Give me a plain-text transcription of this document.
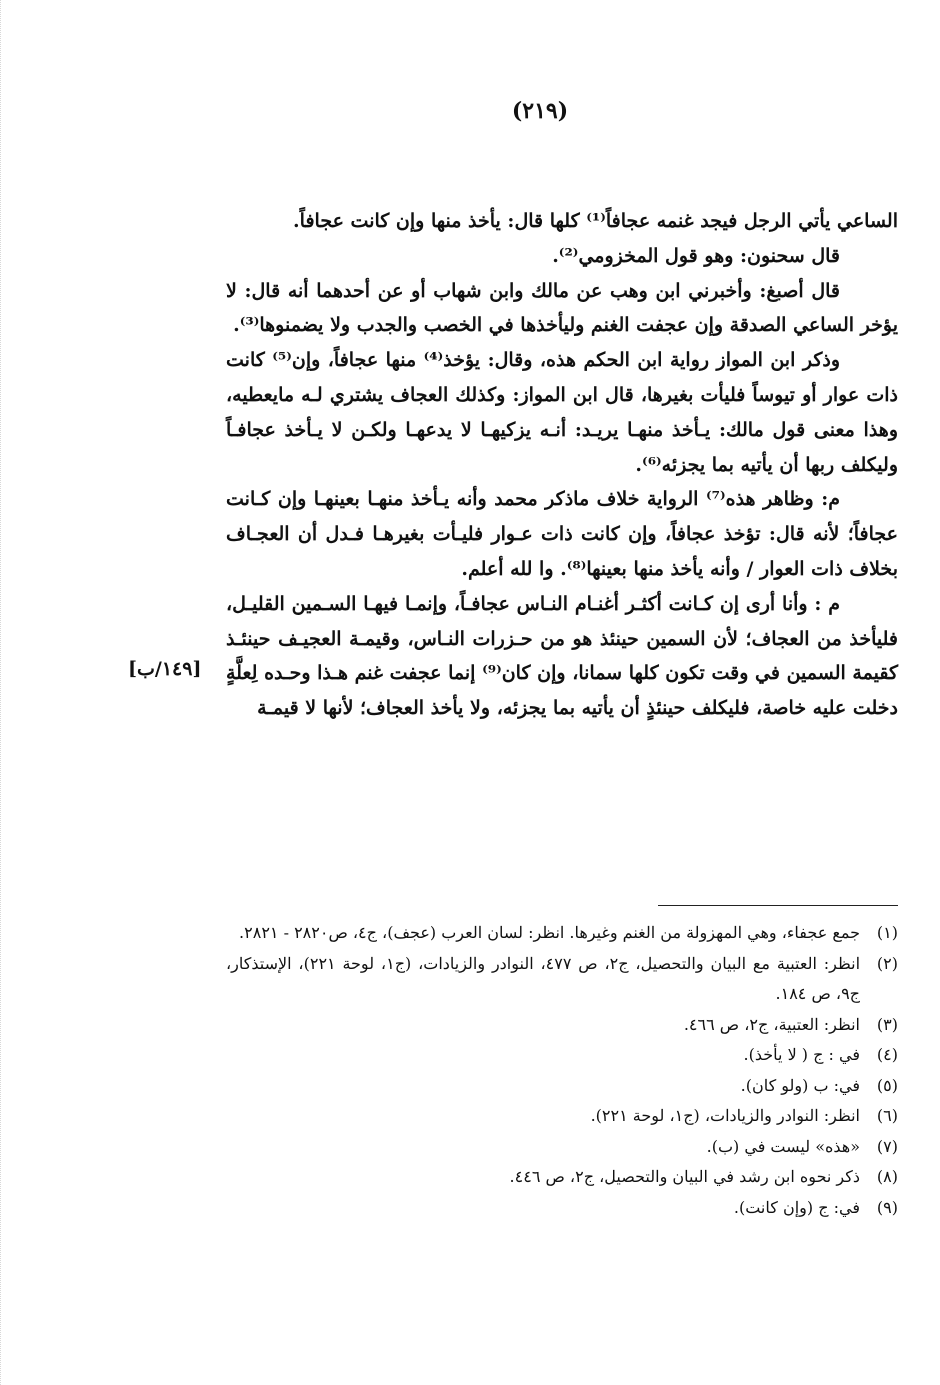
(٢١٩)

الساعي يأتي الرجل فيجد غنمه عجافاً⁽¹⁾ كلها قال: يأخذ منها وإن كانت عجافاً.

قال سحنون: وهو قول المخزومي⁽²⁾.

قال أصبغ: وأخبرني ابن وهب عن مالك وابن شهاب أو عن أحدهما أنه قال: لا يؤخر الساعي الصدقة وإن عجفت الغنم وليأخذها في الخصب والجدب ولا يضمنوها⁽³⁾.

وذكر ابن المواز رواية ابن الحكم هذه، وقال: يؤخذ⁽⁴⁾ منها عجافاً، وإن⁽⁵⁾ كانت ذات عوار أو تيوساً فليأت بغيرها، قال ابن المواز: وكذلك العجاف يشتري لـه مايعطيه، وهذا معنى قول مالك: يـأخذ منهـا يريـد: أنـه يزكيهـا لا يدعهـا ولكـن لا يـأخذ عجافـاً وليكلف ربها أن يأتيه بما يجزئه⁽⁶⁾.

م: وظاهر هذه⁽⁷⁾ الرواية خلاف ماذكر محمد وأنه يـأخذ منهـا بعينهـا وإن كـانت عجافاً؛ لأنه قال: تؤخذ عجافاً، وإن كانت ذات عـوار فليـأت بغيرهـا فـدل أن العجـاف بخلاف ذات العوار / وأنه يأخذ منها بعينها⁽⁸⁾. وا لله أعلم.

م : وأنا أرى إن كـانت أكثـر أغنـام النـاس عجافـاً، وإنمـا فيهـا السـمين القليـل، فليأخذ من العجاف؛ لأن السمين حينئذ هو من حـزرات النـاس، وقيمـة العجيـف حينئـذ كقيمة السمين في وقت تكون كلها سمانا، وإن كان⁽⁹⁾ إنما عجفت غنم هـذا وحـده لِعلَّةٍ دخلت عليه خاصة، فليكلف حينئذٍ أن يأتيه بما يجزئه، ولا يأخذ العجاف؛ لأنها لا قيمـة

[١٤٩/ب]
(١)
جمع عجفاء، وهي المهزولة من الغنم وغيرها. انظر: لسان العرب (عجف)، ج٤، ص٢٨٢٠ - ٢٨٢١.
(٢)
انظر: العتبية مع البيان والتحصيل، ج٢، ص ٤٧٧، النوادر والزيادات، (ج١، لوحة ٢٢١)، الإستذكار، ج٩، ص ١٨٤.
(٣)
انظر: العتبية، ج٢، ص ٤٦٦.
(٤)
في : ج ( لا يأخذ).
(٥)
في: ب (ولو كان).
(٦)
انظر: النوادر والزيادات، (ج١، لوحة ٢٢١).
(٧)
«هذه» ليست في (ب).
(٨)
ذكر نحوه ابن رشد في البيان والتحصيل، ج٢، ص ٤٤٦.
(٩)
في: ج (وإن كانت).
